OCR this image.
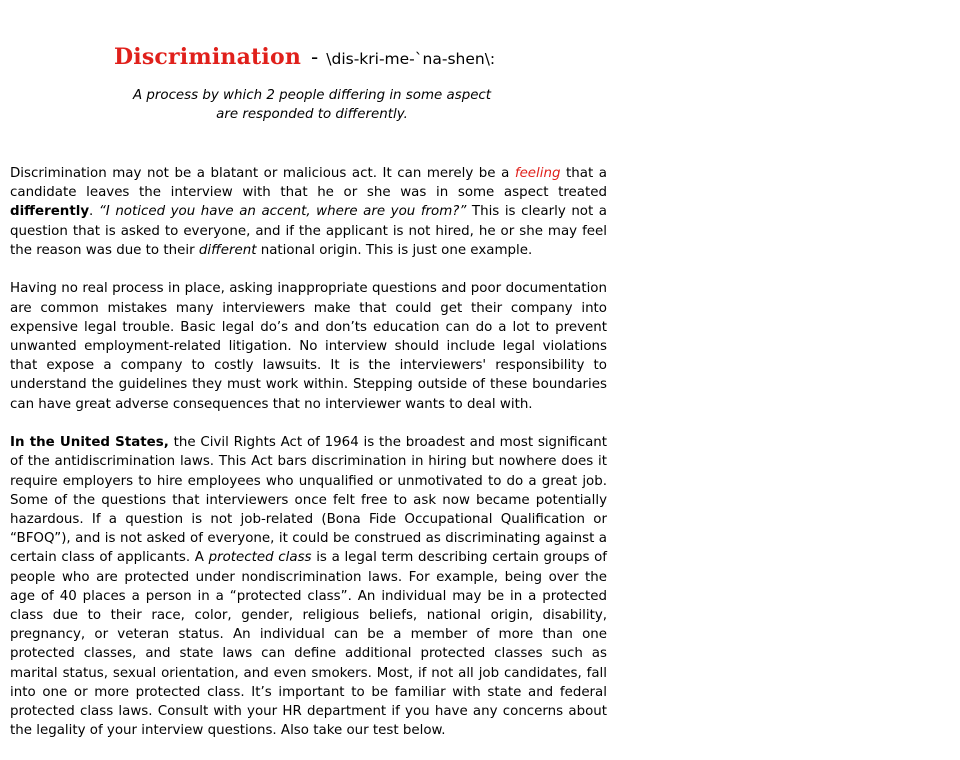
Discrimination - \dis-kri-me-`na-shen\:
A process by which 2 people differing in some aspect
are responded to differently.

Discrimination may not be a blatant or malicious act. It can merely be a feeling that a candidate leaves the interview with that he or she was in some aspect treated differently. “I noticed you have an accent, where are you from?” This is clearly not a question that is asked to everyone, and if the applicant is not hired, he or she may feel the reason was due to their different national origin. This is just one example.

Having no real process in place, asking inappropriate questions and poor documentation are common mistakes many interviewers make that could get their company into expensive legal trouble. Basic legal do’s and don’ts education can do a lot to prevent unwanted employment-related litigation. No interview should include legal violations that expose a company to costly lawsuits. It is the interviewers' responsibility to understand the guidelines they must work within. Stepping outside of these boundaries can have great adverse consequences that no interviewer wants to deal with.

In the United States, the Civil Rights Act of 1964 is the broadest and most significant of the antidiscrimination laws. This Act bars discrimination in hiring but nowhere does it require employers to hire employees who unqualified or unmotivated to do a great job. Some of the questions that interviewers once felt free to ask now became potentially hazardous. If a question is not job-related (Bona Fide Occupational Qualification or “BFOQ”), and is not asked of everyone, it could be construed as discriminating against a certain class of applicants. A protected class is a legal term describing certain groups of people who are protected under nondiscrimination laws. For example, being over the age of 40 places a person in a “protected class”. An individual may be in a protected class due to their race, color, gender, religious beliefs, national origin, disability, pregnancy, or veteran status. An individual can be a member of more than one protected classes, and state laws can define additional protected classes such as marital status, sexual orientation, and even smokers. Most, if not all job candidates, fall into one or more protected class. It’s important to be familiar with state and federal protected class laws. Consult with your HR department if you have any concerns about the legality of your interview questions. Also take our test below.
